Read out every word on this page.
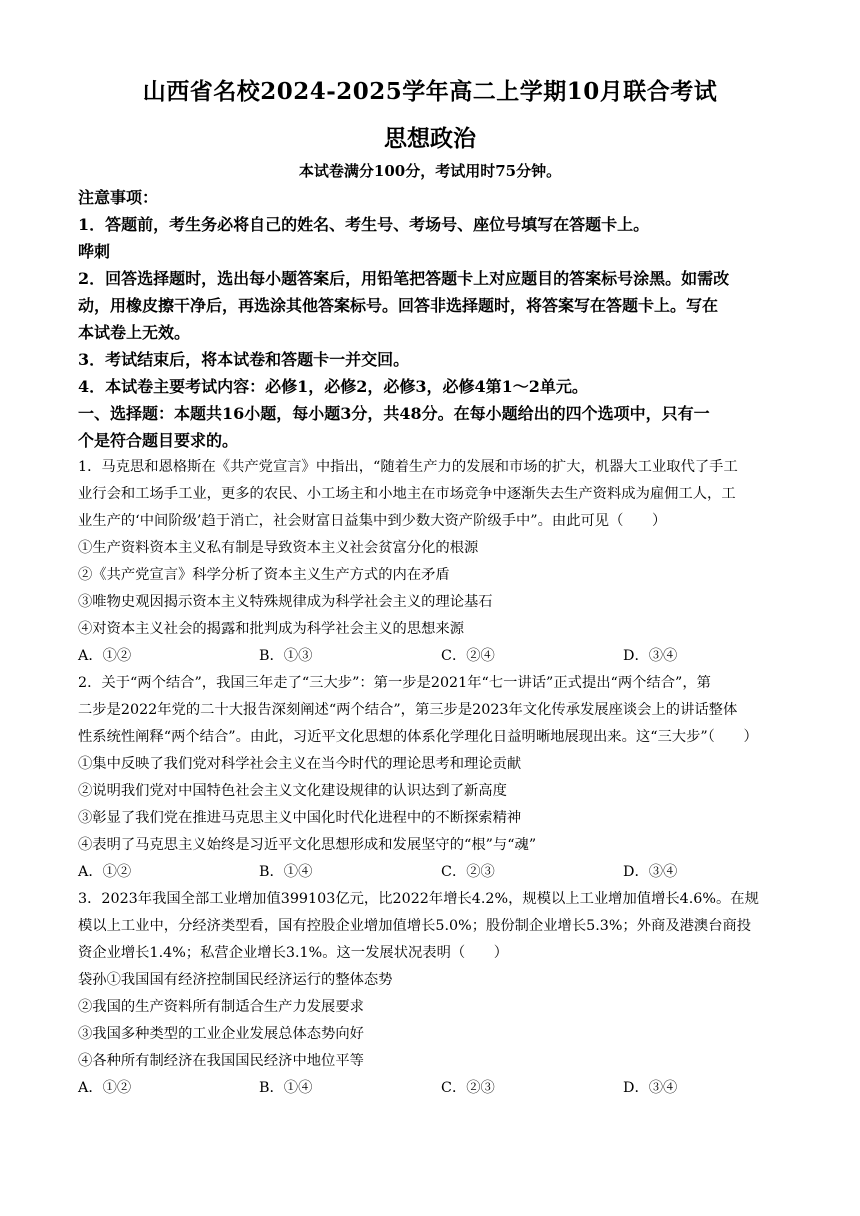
山西省名校2024-2025学年高二上学期10月联合考试
思想政治
本试卷满分100分，考试用时75分钟。
注意事项：
1．答题前，考生务必将自己的姓名、考生号、考场号、座位号填写在答题卡上。
哗刺
2．回答选择题时，选出每小题答案后，用铅笔把答题卡上对应题目的答案标号涂黑。如需改
动，用橡皮擦干净后，再选涂其他答案标号。回答非选择题时，将答案写在答题卡上。写在
本试卷上无效。
3．考试结束后，将本试卷和答题卡一并交回。
4．本试卷主要考试内容：必修1，必修2，必修3，必修4第1～2单元。
一、选择题：本题共16小题，每小题3分，共48分。在每小题给出的四个选项中，只有一
个是符合题目要求的。
1．马克思和恩格斯在《共产党宣言》中指出，“随着生产力的发展和市场的扩大，机器大工业取代了手工
业行会和工场手工业，更多的农民、小工场主和小地主在市场竞争中逐渐失去生产资料成为雇佣工人，工
业生产的‘中间阶级’趋于消亡，社会财富日益集中到少数大资产阶级手中”。由此可见（　　）
①生产资料资本主义私有制是导致资本主义社会贫富分化的根源
②《共产党宣言》科学分析了资本主义生产方式的内在矛盾
③唯物史观因揭示资本主义特殊规律成为科学社会主义的理论基石
④对资本主义社会的揭露和批判成为科学社会主义的思想来源
A．①②	B．①③	C．②④	D．③④
2．关于“两个结合”，我国三年走了“三大步”：第一步是2021年“七一讲话”正式提出“两个结合”，第
二步是2022年党的二十大报告深刻阐述“两个结合”，第三步是2023年文化传承发展座谈会上的讲话整体
性系统性阐释“两个结合”。由此，习近平文化思想的体系化学理化日益明晰地展现出来。这“三大步”（　　）
①集中反映了我们党对科学社会主义在当今时代的理论思考和理论贡献
②说明我们党对中国特色社会主义文化建设规律的认识达到了新高度
③彰显了我们党在推进马克思主义中国化时代化进程中的不断探索精神
④表明了马克思主义始终是习近平文化思想形成和发展坚守的“根”与“魂”
A．①②	B．①④	C．②③	D．③④
3．2023年我国全部工业增加值399103亿元，比2022年增长4.2%，规模以上工业增加值增长4.6%。在规
模以上工业中，分经济类型看，国有控股企业增加值增长5.0%；股份制企业增长5.3%；外商及港澳台商投
资企业增长1.4%；私营企业增长3.1%。这一发展状况表明（　　）
袋孙①我国国有经济控制国民经济运行的整体态势
②我国的生产资料所有制适合生产力发展要求
③我国多种类型的工业企业发展总体态势向好
④各种所有制经济在我国国民经济中地位平等
A．①②	B．①④	C．②③	D．③④
